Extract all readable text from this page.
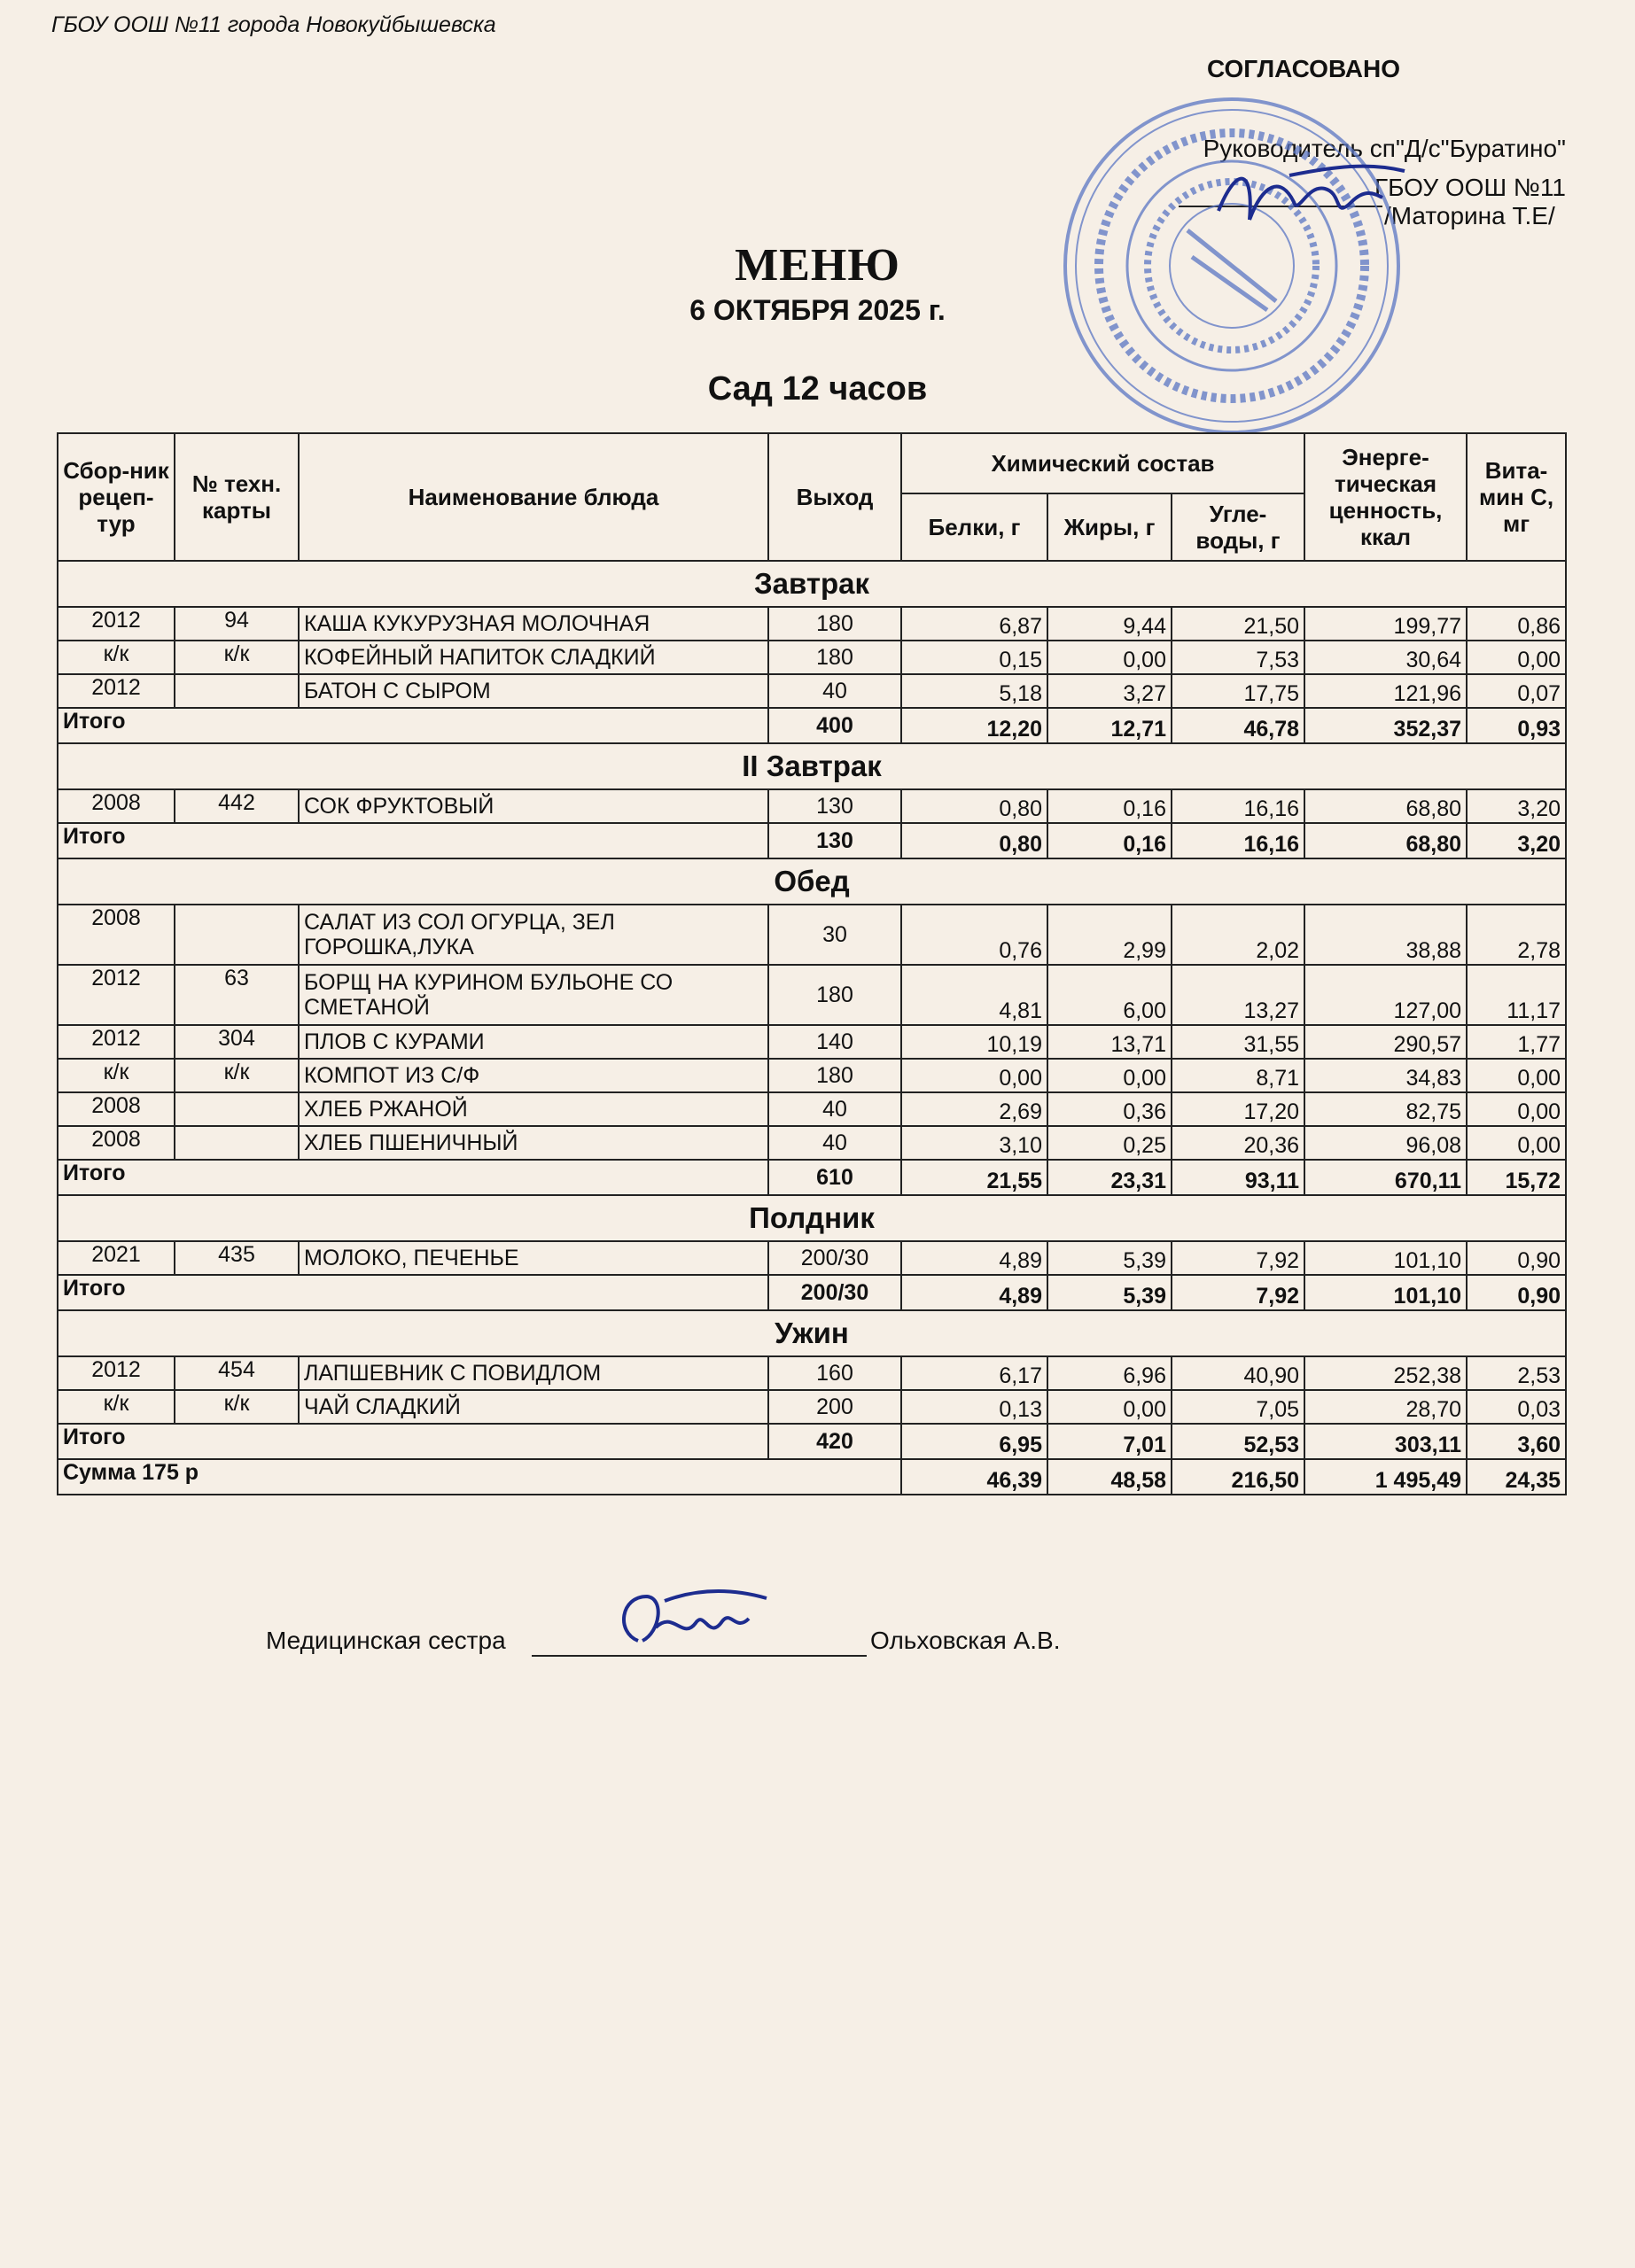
ГБОУ ООШ №11 города Новокуйбышевска
СОГЛАСОВАНО
Руководитель сп"Д/с"Буратино"
ГБОУ ООШ №11
/Маторина Т.Е/
МЕНЮ
6 ОКТЯБРЯ 2025 г.
Сад 12 часов
Сбор-ник рецеп-тур	№ техн. карты	Наименование блюда	Выход	Химический состав			Энерге-тическая ценность, ккал	Вита-мин С, мг
				Белки, г	Жиры, г	Угле-воды, г		
Завтрак								
2012	94	КАША КУКУРУЗНАЯ МОЛОЧНАЯ	180	6,87	9,44	21,50	199,77	0,86
к/к	к/к	КОФЕЙНЫЙ НАПИТОК СЛАДКИЙ	180	0,15	0,00	7,53	30,64	0,00
2012		БАТОН С СЫРОМ	40	5,18	3,27	17,75	121,96	0,07
Итого			400	12,20	12,71	46,78	352,37	0,93
II Завтрак								
2008	442	СОК ФРУКТОВЫЙ	130	0,80	0,16	16,16	68,80	3,20
Итого			130	0,80	0,16	16,16	68,80	3,20
Обед								
2008		САЛАТ ИЗ СОЛ ОГУРЦА, ЗЕЛ ГОРОШКА,ЛУКА	30	0,76	2,99	2,02	38,88	2,78
2012	63	БОРЩ НА КУРИНОМ БУЛЬОНЕ СО СМЕТАНОЙ	180	4,81	6,00	13,27	127,00	11,17
2012	304	ПЛОВ С КУРАМИ	140	10,19	13,71	31,55	290,57	1,77
к/к	к/к	КОМПОТ ИЗ С/Ф	180	0,00	0,00	8,71	34,83	0,00
2008		ХЛЕБ РЖАНОЙ	40	2,69	0,36	17,20	82,75	0,00
2008		ХЛЕБ ПШЕНИЧНЫЙ	40	3,10	0,25	20,36	96,08	0,00
Итого			610	21,55	23,31	93,11	670,11	15,72
Полдник								
2021	435	МОЛОКО, ПЕЧЕНЬЕ	200/30	4,89	5,39	7,92	101,10	0,90
Итого			200/30	4,89	5,39	7,92	101,10	0,90
Ужин								
2012	454	ЛАПШЕВНИК С ПОВИДЛОМ	160	6,17	6,96	40,90	252,38	2,53
к/к	к/к	ЧАЙ СЛАДКИЙ	200	0,13	0,00	7,05	28,70	0,03
Итого			420	6,95	7,01	52,53	303,11	3,60
Сумма 175 р				46,39	48,58	216,50	1 495,49	24,35
Медицинская сестра	Ольховская А.В.
